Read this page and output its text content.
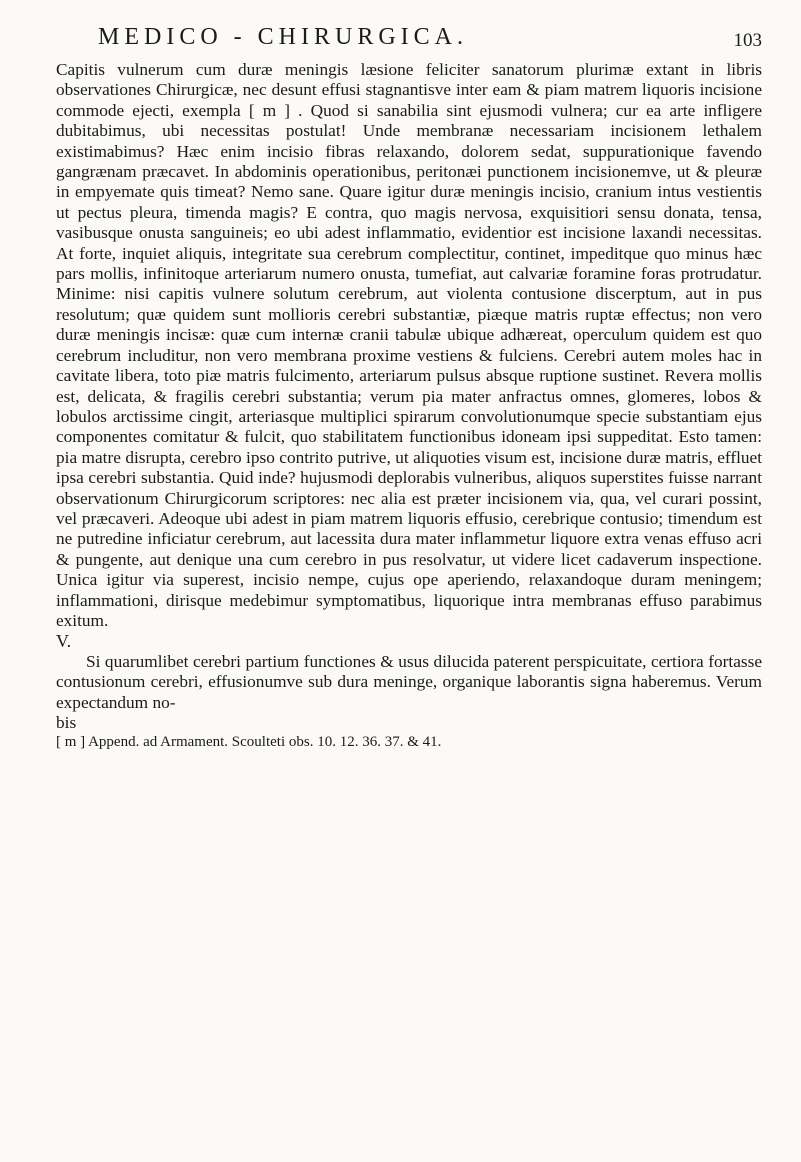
MEDICO - CHIRURGICA.	103

Capitis vulnerum cum duræ meningis læsione feliciter sanatorum plurimæ extant in libris observationes Chirurgicæ, nec desunt effusi stagnantisve inter eam & piam matrem liquoris incisione commode ejecti, exempla [ m ] . Quod si sanabilia sint ejusmodi vulnera; cur ea arte infligere dubitabimus, ubi necessitas postulat! Unde membranæ necessariam incisionem lethalem existimabimus? Hæc enim incisio fibras relaxando, dolorem sedat, suppurationique favendo gangrænam præcavet. In abdominis operationibus, peritonæi punctionem incisionemve, ut & pleuræ in empyemate quis timeat? Nemo sane. Quare igitur duræ meningis incisio, cranium intus vestientis ut pectus pleura, timenda magis? E contra, quo magis nervosa, exquisitiori sensu donata, tensa, vasibusque onusta sanguineis; eo ubi adest inflammatio, evidentior est incisione laxandi necessitas. At forte, inquiet aliquis, integritate sua cerebrum complectitur, continet, impeditque quo minus hæc pars mollis, infinitoque arteriarum numero onusta, tumefiat, aut calvariæ foramine foras protrudatur. Minime: nisi capitis vulnere solutum cerebrum, aut violenta contusione discerptum, aut in pus resolutum; quæ quidem sunt mollioris cerebri substantiæ, piæque matris ruptæ effectus; non vero duræ meningis incisæ: quæ cum internæ cranii tabulæ ubique adhæreat, operculum quidem est quo cerebrum includitur, non vero membrana proxime vestiens & fulciens. Cerebri autem moles hac in cavitate libera, toto piæ matris fulcimento, arteriarum pulsus absque ruptione sustinet. Revera mollis est, delicata, & fragilis cerebri substantia; verum pia mater anfractus omnes, glomeres, lobos & lobulos arctissime cingit, arteriasque multiplici spirarum convolutionumque specie substantiam ejus componentes comitatur & fulcit, quo stabilitatem functionibus idoneam ipsi suppeditat. Esto tamen: pia matre disrupta, cerebro ipso contrito putrive, ut aliquoties visum est, incisione duræ matris, effluet ipsa cerebri substantia. Quid inde? hujusmodi deplorabis vulneribus, aliquos superstites fuisse narrant observationum Chirurgicorum scriptores: nec alia est præter incisionem via, qua, vel curari possint, vel præcaveri. Adeoque ubi adest in piam matrem liquoris effusio, cerebrique contusio; timendum est ne putredine inficiatur cerebrum, aut lacessita dura mater inflammetur liquore extra venas effuso acri & pungente, aut denique una cum cerebro in pus resolvatur, ut videre licet cadaverum inspectione. Unica igitur via superest, incisio nempe, cujus ope aperiendo, relaxandoque duram meningem; inflammationi, dirisque medebimur symptomatibus, liquorique intra membranas effuso parabimus exitum.

V.

Si quarumlibet cerebri partium functiones & usus dilucida paterent perspicuitate, certiora fortasse contusionum cerebri, effusionumve sub dura meninge, organique laborantis signa haberemus. Verum expectandum no-

bis

[ m ] Append. ad Armament. Scoulteti obs. 10. 12. 36. 37. & 41.
